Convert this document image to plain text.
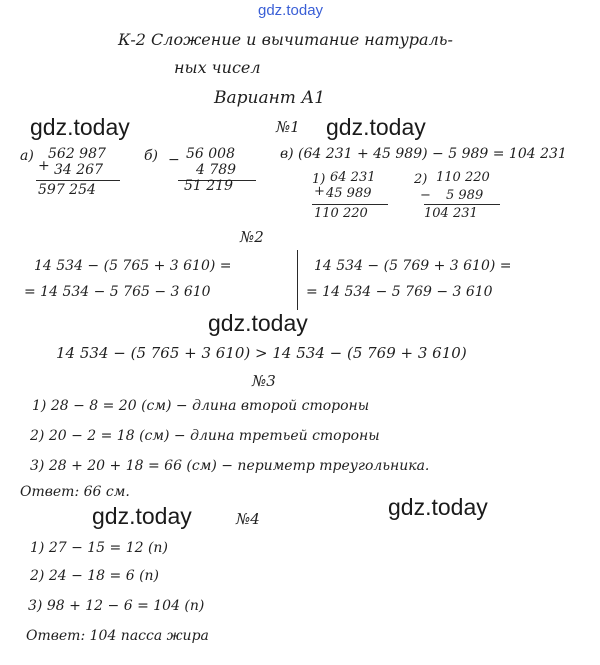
gdz.today
gdz.today	gdz.today
gdz.today
gdz.today	gdz.today
К-2 Сложение и вычитание натураль-
ных чисел
Вариант А1
№1
а) 562 987
+ 34 267
597 254
б) − 56 008
4 789
51 219
в) (64 231 + 45 989) − 5 989 = 104 231
1) 64 231
+ 45 989
110 220
2) 110 220
− 5 989
104 231
№2
14 534 − (5 765 + 3 610) =
= 14 534 − 5 765 − 3 610
14 534 − (5 769 + 3 610) =
= 14 534 − 5 769 − 3 610
14 534 − (5 765 + 3 610) > 14 534 − (5 769 + 3 610)
№3
1) 28 − 8 = 20 (см) − длина второй стороны
2) 20 − 2 = 18 (см) − длина третьей стороны
3) 28 + 20 + 18 = 66 (см) − периметр треугольника.
Ответ: 66 см.
№4
1) 27 − 15 = 12 (п)
2) 24 − 18 = 6 (п)
3) 98 + 12 − 6 = 104 (п)
Ответ: 104 пасса жира
